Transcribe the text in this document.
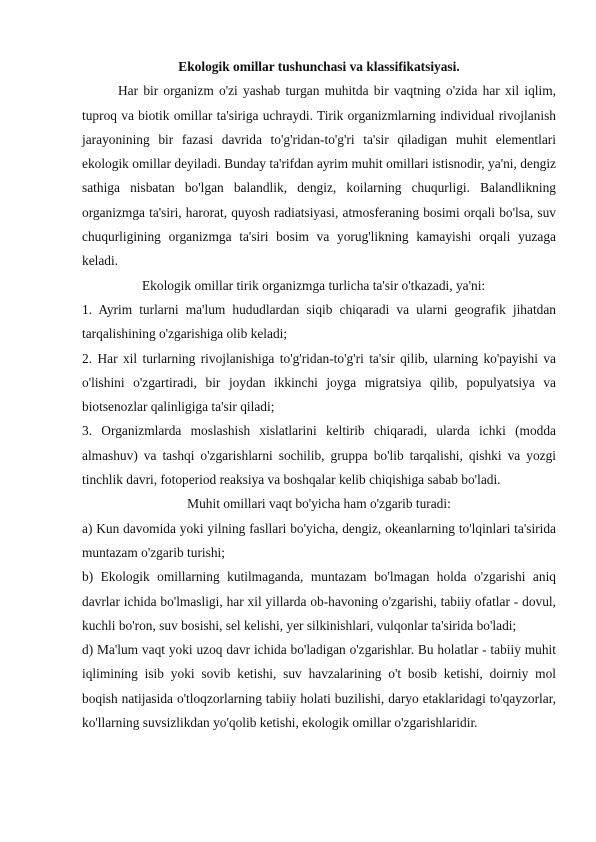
Ekologik omillar tushunchasi va klassifikatsiyasi.

Har bir organizm o'zi yashab turgan muhitda bir vaqtning o'zida har xil iqlim, tuproq va biotik omillar ta'siriga uchraydi. Tirik organizmlarning individual rivojlanish jarayonining bir fazasi davrida to'g'ridan-to'g'ri ta'sir qiladigan muhit elementlari ekologik omillar deyiladi. Bunday ta'rifdan ayrim muhit omillari istisnodir, ya'ni, dengiz sathiga nisbatan bo'lgan balandlik, dengiz, koilarning chuqurligi. Balandlikning organizmga ta'siri, harorat, quyosh radiatsiyasi, atmosferaning bosimi orqali bo'lsa, suv chuqurligining organizmga ta'siri bosim va yorug'likning kamayishi orqali yuzaga keladi.

Ekologik omillar tirik organizmga turlicha ta'sir o'tkazadi, ya'ni:

1. Ayrim turlarni ma'lum hududlardan siqib chiqaradi va ularni geografik jihatdan tarqalishining o'zgarishiga olib keladi;

2. Har xil turlarning rivojlanishiga to'g'ridan-to'g'ri ta'sir qilib, ularning ko'payishi va o'lishini o'zgartiradi, bir joydan ikkinchi joyga migratsiya qilib, populyatsiya va biotsenozlar qalinligiga ta'sir qiladi;

3. Organizmlarda moslashish xislatlarini keltirib chiqaradi, ularda ichki (modda almashuv) va tashqi o'zgarishlarni sochilib, gruppa bo'lib tarqalishi, qishki va yozgi tinchlik davri, fotoperiod reaksiya va boshqalar kelib chiqishiga sabab bo'ladi.

Muhit omillari vaqt bo'yicha ham o'zgarib turadi:

a) Kun davomida yoki yilning fasllari bo'yicha, dengiz, okeanlarning to'lqinlari ta'sirida muntazam o'zgarib turishi;

b) Ekologik omillarning kutilmaganda, muntazam bo'lmagan holda o'zgarishi aniq davrlar ichida bo'lmasligi, har xil yillarda ob-havoning o'zgarishi, tabiiy ofatlar - dovul, kuchli bo'ron, suv bosishi, sel kelishi, yer silkinishlari, vulqonlar ta'sirida bo'ladi;

d) Ma'lum vaqt yoki uzoq davr ichida bo'ladigan o'zgarishlar. Bu holatlar - tabiiy muhit iqlimining isib yoki sovib ketishi, suv havzalarining o't bosib ketishi, doirniy mol boqish natijasida o'tloqzorlarning tabiiy holati buzilishi, daryo etaklaridagi to'qayzorlar, ko'llarning suvsizlikdan yo'qolib ketishi, ekologik omillar o'zgarishlaridir.
